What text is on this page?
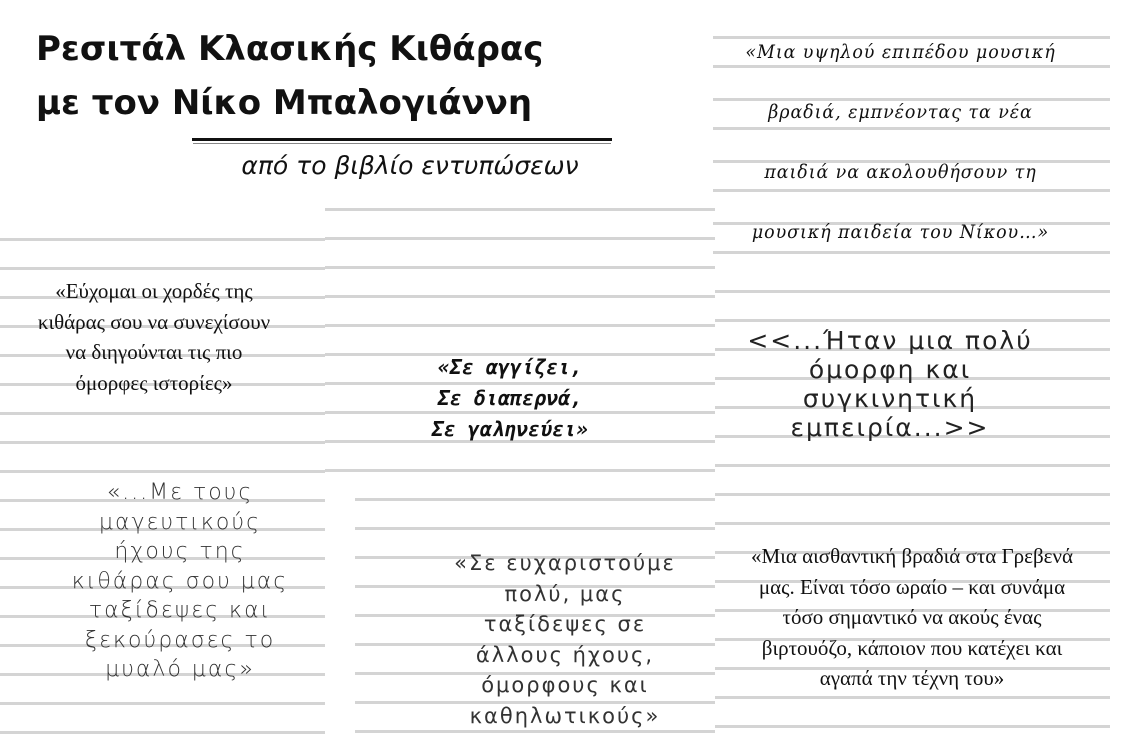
Ρεσιτάλ Κλασικής Κιθάρας
με τον Νίκο Μπαλογιάννη
από το βιβλίο εντυπώσεων
«Μια υψηλού επιπέδου μουσική
βραδιά, εμπνέοντας τα νέα
παιδιά να ακολουθήσουν τη
μουσική παιδεία του Νίκου…»
«Εύχομαι οι χορδές της
κιθάρας σου να συνεχίσουν
να διηγούνται τις πιο
όμορφες ιστορίες»
«Σε αγγίζει,
Σε διαπερνά,
Σε γαληνεύει»
<<...Ήταν μια πολύ
όμορφη και
συγκινητική
εμπειρία...>>
«...Με τους
μαγευτικούς
ήχους της
κιθάρας σου μας
ταξίδεψες και
ξεκούρασες το
μυαλό μας»
«Σε ευχαριστούμε
πολύ, μας
ταξίδεψες σε
άλλους ήχους,
όμορφους και
καθηλωτικούς»
«Μια αισθαντική βραδιά στα Γρεβενά
μας. Είναι τόσο ωραίο – και συνάμα
τόσο σημαντικό να ακούς ένας
βιρτουόζο, κάποιον που κατέχει και
αγαπά την τέχνη του»
